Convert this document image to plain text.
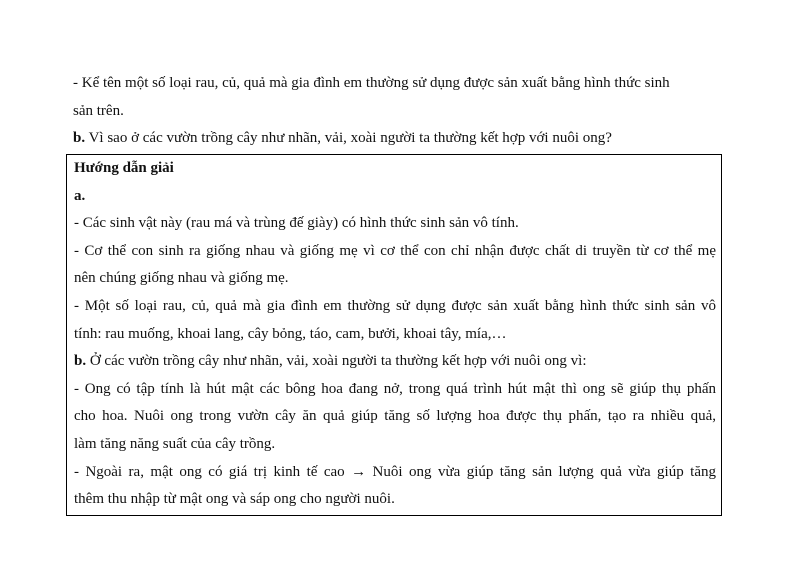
- Kể tên một số loại rau, củ, quả mà gia đình em thường sử dụng được sản xuất bằng hình thức sinh
sản trên.
b. Vì sao ở các vườn trồng cây như nhãn, vải, xoài người ta thường kết hợp với nuôi ong?
Hướng dẫn giải
a.
- Các sinh vật này (rau má và trùng đế giày) có hình thức sinh sản vô tính.
- Cơ thể con sinh ra giống nhau và giống mẹ vì cơ thể con chỉ nhận được chất di truyền từ cơ thể mẹ
nên chúng giống nhau và giống mẹ.
- Một số loại rau, củ, quả mà gia đình em thường sử dụng được sản xuất bằng hình thức sinh sản vô
tính: rau muống, khoai lang, cây bỏng, táo, cam, bưởi, khoai tây, mía,…
b. Ở các vườn trồng cây như nhãn, vải, xoài người ta thường kết hợp với nuôi ong vì:
- Ong có tập tính là hút mật các bông hoa đang nở, trong quá trình hút mật thì ong sẽ giúp thụ phấn
cho hoa. Nuôi ong trong vườn cây ăn quả giúp tăng số lượng hoa được thụ phấn, tạo ra nhiều quả,
làm tăng năng suất của cây trồng.
- Ngoài ra, mật ong có giá trị kinh tế cao → Nuôi ong vừa giúp tăng sản lượng quả vừa giúp tăng
thêm thu nhập từ mật ong và sáp ong cho người nuôi.
